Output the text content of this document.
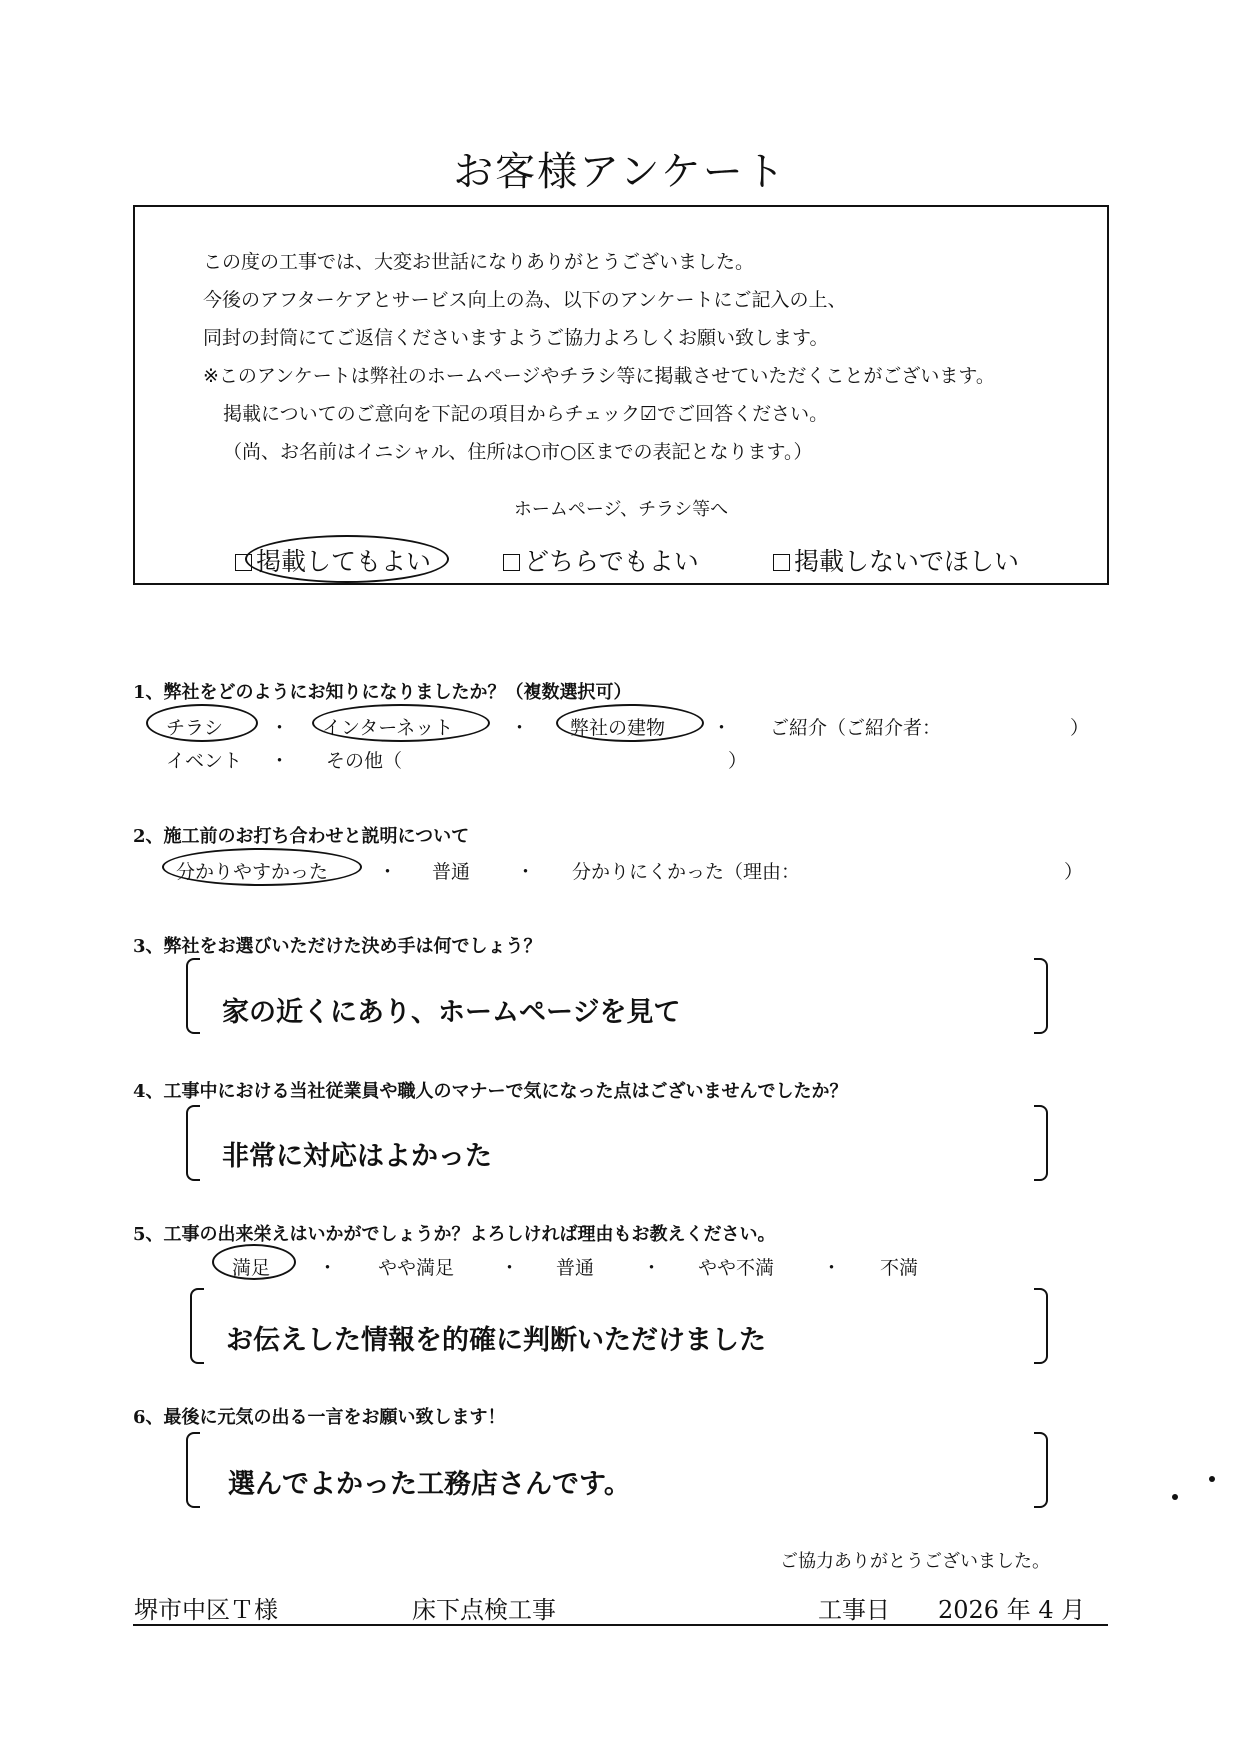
お客様アンケート
この度の工事では、大変お世話になりありがとうございました。
今後のアフターケアとサービス向上の為、以下のアンケートにご記入の上、
同封の封筒にてご返信くださいますようご協力よろしくお願い致します。
※このアンケートは弊社のホームページやチラシ等に掲載させていただくことがございます。
掲載についてのご意向を下記の項目からチェック☑でご回答ください。
（尚、お名前はイニシャル、住所は○市○区までの表記となります。）
ホームページ、チラシ等へ
掲載してもよい	どちらでもよい	掲載しないでほしい
1、弊社をどのようにお知りになりましたか？（複数選択可）
チラシ ・ インターネット	・ 弊社の建物 ・ ご紹介（ご紹介者：	）
イベント ・ その他（	）
2、施工前のお打ち合わせと説明について
分かりやすかった	・ 普通 ・ 分かりにくかった（理由：	）
3、弊社をお選びいただけた決め手は何でしょう？
家の近くにあり、ホームページを見て
4、工事中における当社従業員や職人のマナーで気になった点はございませんでしたか？
非常に対応はよかった
5、工事の出来栄えはいかがでしょうか？よろしければ理由もお教えください。
満足	・ やや満足 ・ 普通	・ やや不満	・ 不満
お伝えした情報を的確に判断いただけました
6、最後に元気の出る一言をお願い致します！
選んでよかった工務店さんです。
ご協力ありがとうございました。
堺市中区Ｔ様	床下点検工事	工事日 2026 年 4 月
